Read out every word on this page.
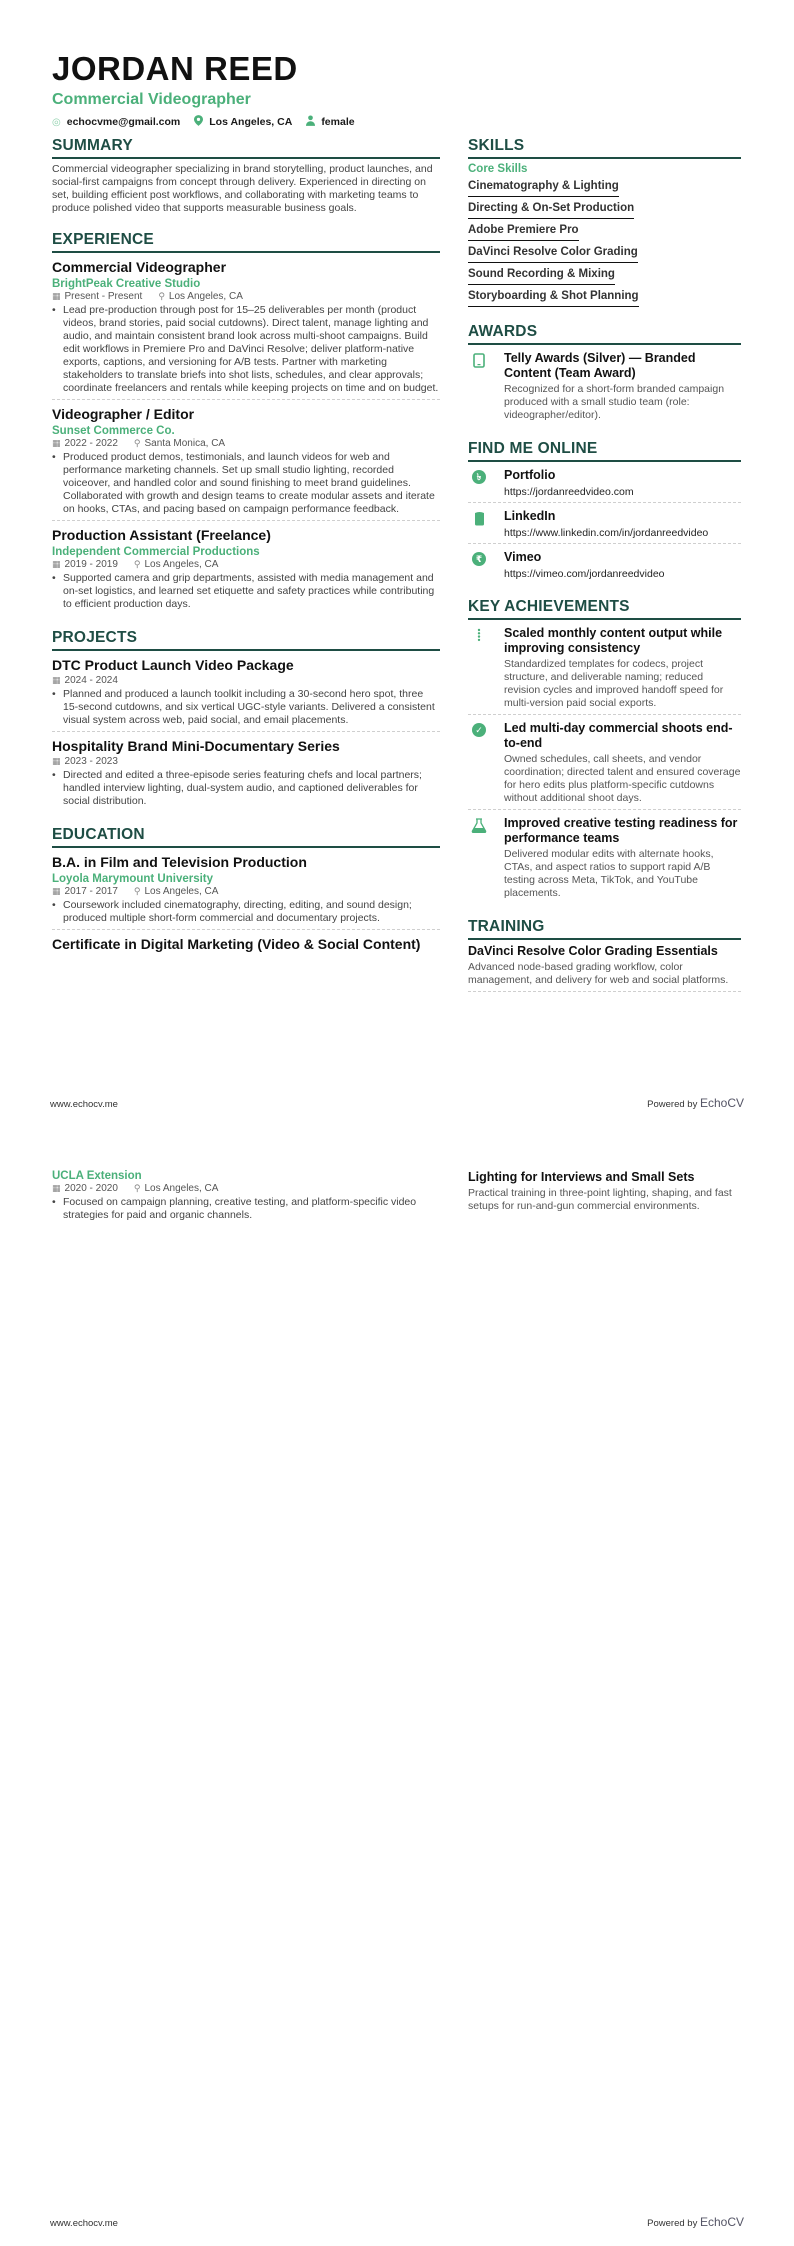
JORDAN REED
Commercial Videographer
◎ echocvme@gmail.com	Los Angeles, CA	female
SUMMARY
Commercial videographer specializing in brand storytelling, product launches, and social-first campaigns from concept through delivery. Experienced in directing on set, building efficient post workflows, and collaborating with marketing teams to produce polished video that supports measurable business goals.
EXPERIENCE
Commercial Videographer
BrightPeak Creative Studio
▦ Present - Present ⚲ Los Angeles, CA
• Lead pre-production through post for 15–25 deliverables per month (product videos, brand stories, paid social cutdowns). Direct talent, manage lighting and audio, and maintain consistent brand look across multi-shoot campaigns. Build edit workflows in Premiere Pro and DaVinci Resolve; deliver platform-native exports, captions, and versioning for A/B tests. Partner with marketing stakeholders to translate briefs into shot lists, schedules, and clear approvals; coordinate freelancers and rentals while keeping projects on time and on budget.
Videographer / Editor
Sunset Commerce Co.
▦ 2022 - 2022 ⚲ Santa Monica, CA
• Produced product demos, testimonials, and launch videos for web and performance marketing channels. Set up small studio lighting, recorded voiceover, and handled color and sound finishing to meet brand guidelines. Collaborated with growth and design teams to create modular assets and iterate on hooks, CTAs, and pacing based on campaign performance feedback.
Production Assistant (Freelance)
Independent Commercial Productions
▦ 2019 - 2019 ⚲ Los Angeles, CA
• Supported camera and grip departments, assisted with media management and on-set logistics, and learned set etiquette and safety practices while contributing to efficient production days.
PROJECTS
DTC Product Launch Video Package
▦ 2024 - 2024
• Planned and produced a launch toolkit including a 30-second hero spot, three 15-second cutdowns, and six vertical UGC-style variants. Delivered a consistent visual system across web, paid social, and email placements.
Hospitality Brand Mini-Documentary Series
▦ 2023 - 2023
• Directed and edited a three-episode series featuring chefs and local partners; handled interview lighting, dual-system audio, and captioned deliverables for social distribution.
EDUCATION
B.A. in Film and Television Production
Loyola Marymount University
▦ 2017 - 2017 ⚲ Los Angeles, CA
• Coursework included cinematography, directing, editing, and sound design; produced multiple short-form commercial and documentary projects.
Certificate in Digital Marketing (Video & Social Content)
SKILLS
Core Skills
Cinematography & Lighting
Directing & On-Set Production
Adobe Premiere Pro
DaVinci Resolve Color Grading
Sound Recording & Mixing
Storyboarding & Shot Planning
AWARDS
Telly Awards (Silver) — Branded Content (Team Award)
Recognized for a short-form branded campaign produced with a small studio team (role: videographer/editor).
FIND ME ONLINE
৳	Portfolio
https://jordanreedvideo.com
LinkedIn
https://www.linkedin.com/in/jordanreedvideo
₹	Vimeo
https://vimeo.com/jordanreedvideo
KEY ACHIEVEMENTS
Scaled monthly content output while improving consistency
Standardized templates for codecs, project structure, and deliverable naming; reduced revision cycles and improved handoff speed for multi-version paid social exports.
✓ Led multi-day commercial shoots end-to-end
Owned schedules, call sheets, and vendor coordination; directed talent and ensured coverage for hero edits plus platform-specific cutdowns without additional shoot days.
Improved creative testing readiness for performance teams
Delivered modular edits with alternate hooks, CTAs, and aspect ratios to support rapid A/B testing across Meta, TikTok, and YouTube placements.
TRAINING
DaVinci Resolve Color Grading Essentials
Advanced node-based grading workflow, color management, and delivery for web and social platforms.
www.echocv.me	Powered by EchoCV
UCLA Extension
▦ 2020 - 2020 ⚲ Los Angeles, CA
• Focused on campaign planning, creative testing, and platform-specific video strategies for paid and organic channels.
Lighting for Interviews and Small Sets
Practical training in three-point lighting, shaping, and fast setups for run-and-gun commercial environments.
www.echocv.me	Powered by EchoCV
